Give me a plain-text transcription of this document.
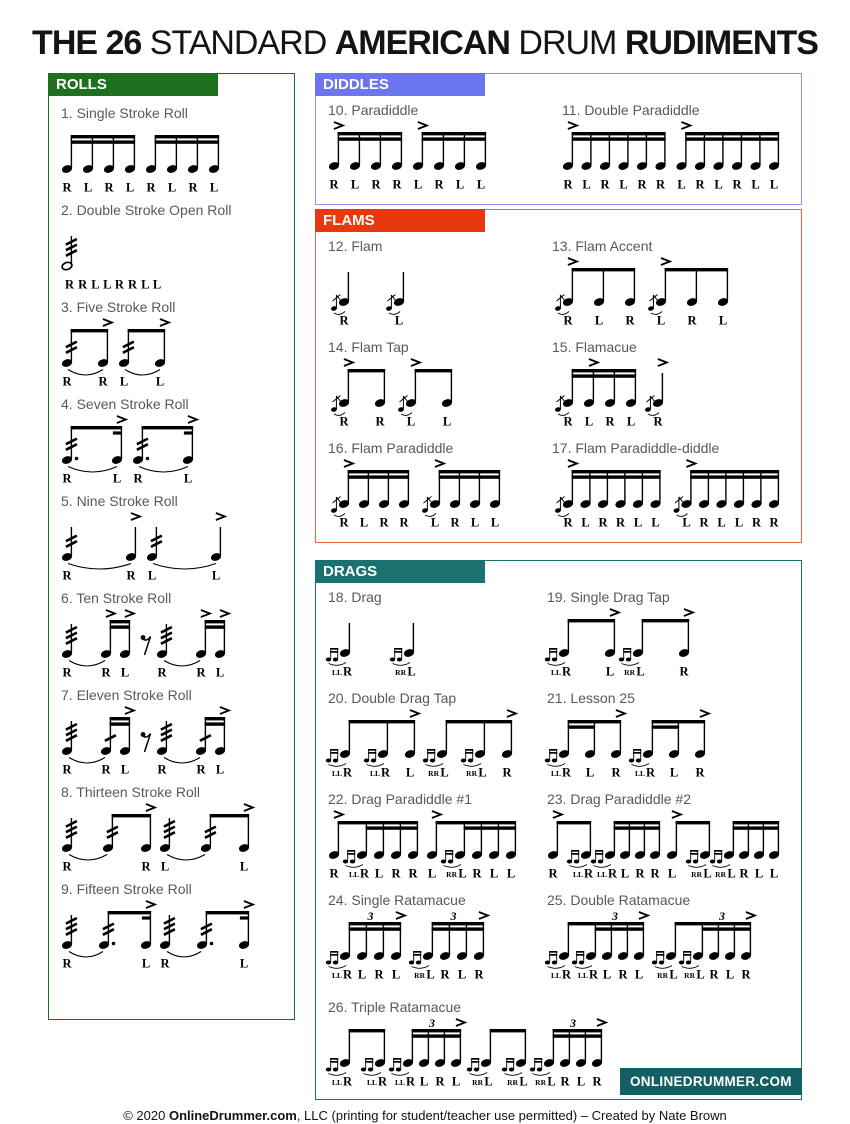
THE 26 STANDARD AMERICAN DRUM RUDIMENTS
ROLLS
1. Single Stroke Roll
R L R L R L R L
2. Double Stroke Open Roll
R R L L R R L L
3. Five Stroke Roll
R R L L
4. Seven Stroke Roll
R	L R	L
5. Nine Stroke Roll
R	R L	L
6. Ten Stroke Roll
R R L R R L
7. Eleven Stroke Roll
R R L R R L
8. Thirteen Stroke Roll
R	R L	L
9. Fifteen Stroke Roll
R	L R	L
DIDDLES
10. Paradiddle
R L R R L R L L
11. Double Paradiddle
R L R L R R L R L R L L
FLAMS
12. Flam
R	L
13. Flam Accent
R L R L R L
14. Flam Tap
R R L L
15. Flamacue
R L R L R
16. Flam Paradiddle
R L R R L R L L
17. Flam Paradiddle-diddle
R L R R L L L R L L R R
DRAGS
18. Drag
R
LL	L
RR
19. Single Drag Tap
R
LL	L L
RR	R
20. Double Drag Tap
R
LL	R
LL L L
RR	L
RR R
21. Lesson 25
R
LL L R R
LL L R
22. Drag Paradiddle #1
R R
LL L R R L L
RR R L L
23. Drag Paradiddle #2
R R
LL R
LL L R R L L
RR L
RR R L L
24. Single Ratamacue
3	3
R
LL L R L L
RR R L R
25. Double Ratamacue
3	3
R
LL R
LL L R L L
RR L
RR R L R
26. Triple Ratamacue
3	3
R
LL	R
LL R
LL L R L L
RR	L
RR L
RR R L R	ONLINEDRUMMER.COM
© 2020 OnlineDrummer.com, LLC (printing for student/teacher use permitted) – Created by Nate Brown
